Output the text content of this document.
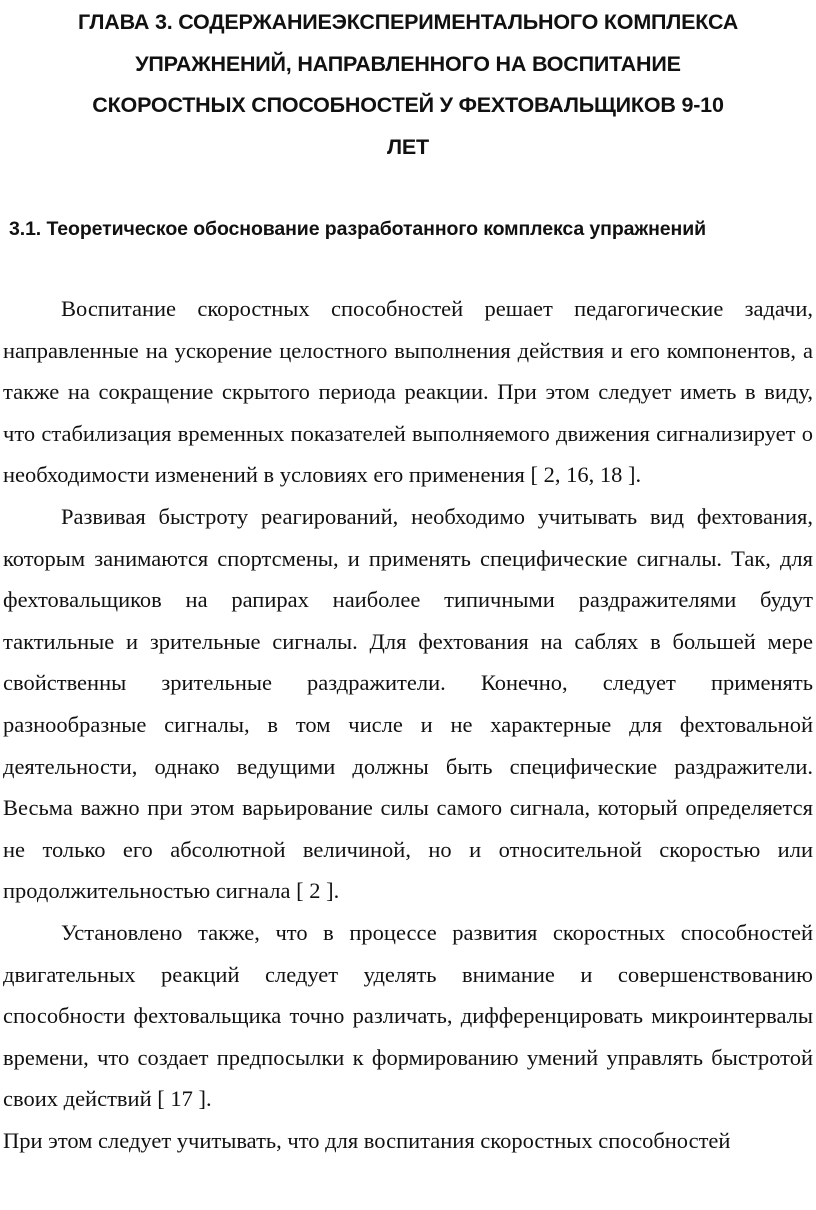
ГЛАВА 3. СОДЕРЖАНИЕЭКСПЕРИМЕНТАЛЬНОГО КОМПЛЕКСА
УПРАЖНЕНИЙ, НАПРАВЛЕННОГО НА ВОСПИТАНИЕ
СКОРОСТНЫХ СПОСОБНОСТЕЙ У ФЕХТОВАЛЬЩИКОВ 9-10
ЛЕТ
3.1. Теоретическое обоснование разработанного комплекса упражнений

Воспитание скоростных способностей решает педагогические задачи, направленные на ускорение целостного выполнения действия и его компонентов, а также на сокращение скрытого периода реакции. При этом следует иметь в виду, что стабилизация временных показателей выполняемого движения сигнализирует о необходимости изменений в условиях его применения [ 2, 16, 18 ].

Развивая быстроту реагирований, необходимо учитывать вид фехтования, которым занимаются спортсмены, и применять специфические сигналы. Так, для фехтовальщиков на рапирах наиболее типичными раздражителями будут тактильные и зрительные сигналы. Для фехтования на саблях в большей мере свойственны зрительные раздражители. Конечно, следует применять разнообразные сигналы, в том числе и не характерные для фехтовальной деятельности, однако ведущими должны быть специфические раздражители. Весьма важно при этом варьирование силы самого сигнала, который определяется не только его абсолютной величиной, но и относительной скоростью или продолжительностью сигнала [ 2 ].

Установлено также, что в процессе развития скоростных способностей двигательных реакций следует уделять внимание и совершенствованию способности фехтовальщика точно различать, дифференцировать микроинтервалы времени, что создает предпосылки к формированию умений управлять быстротой своих действий [ 17 ].

При этом следует учитывать, что для воспитания скоростных способностей
